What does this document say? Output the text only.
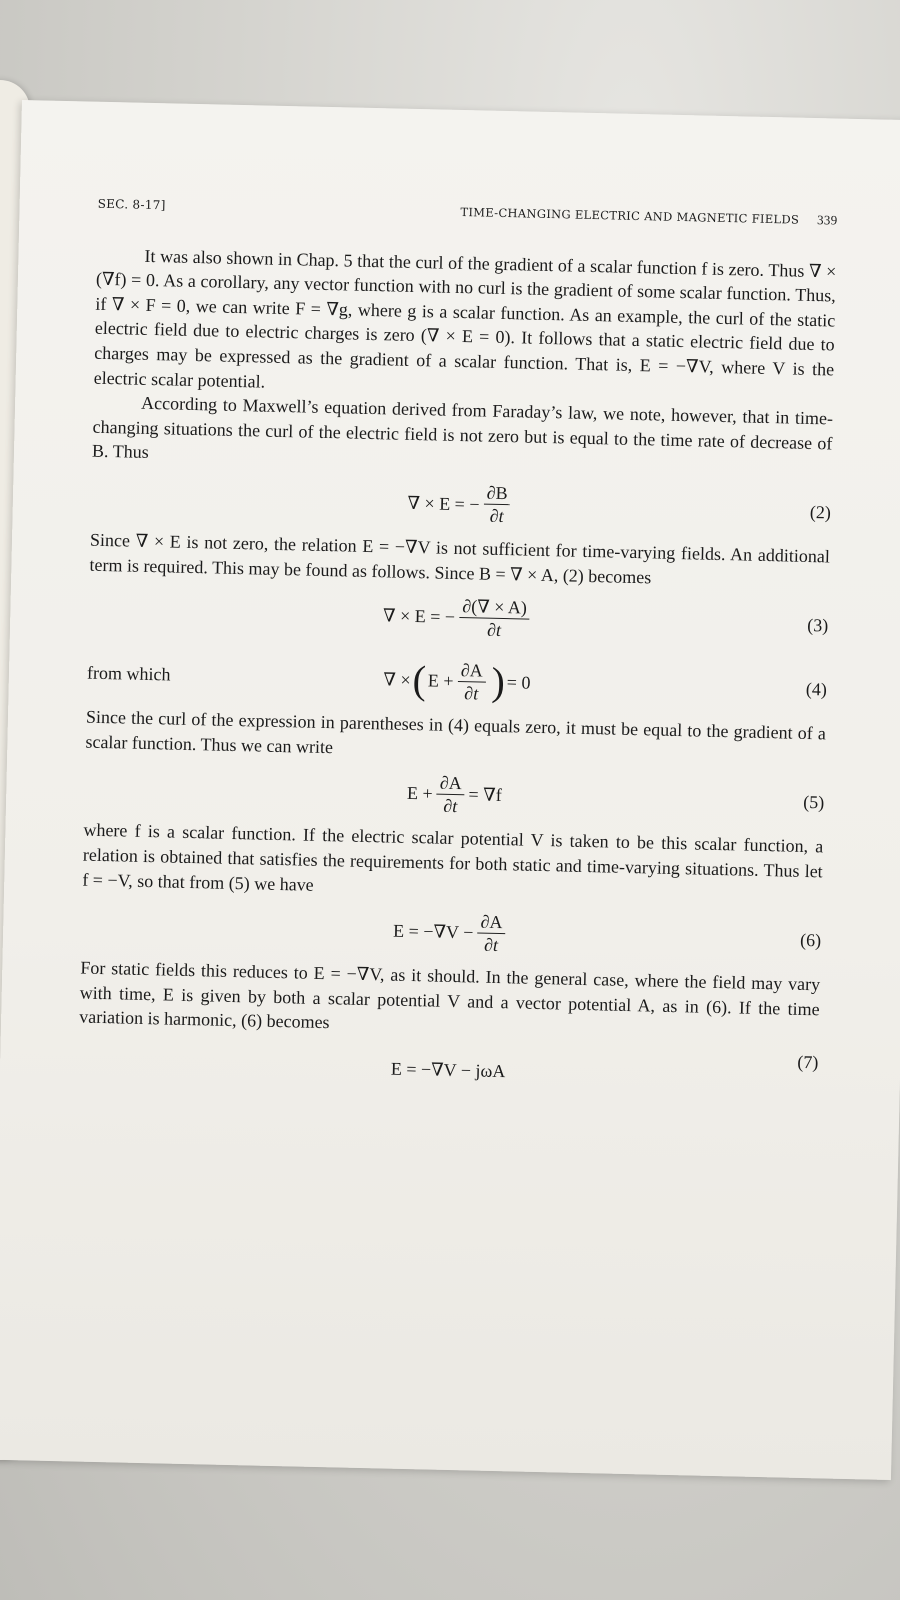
SEC. 8-17]
TIME-CHANGING ELECTRIC AND MAGNETIC FIELDS 339

It was also shown in Chap. 5 that the curl of the gradient of a scalar function f is zero. Thus ∇ × (∇f) = 0. As a corollary, any vector function with no curl is the gradient of some scalar function. Thus, if ∇ × F = 0, we can write F = ∇g, where g is a scalar function. As an example, the curl of the static electric field due to electric charges is zero (∇ × E = 0). It follows that a static electric field due to charges may be expressed as the gradient of a scalar function. That is, E = −∇V, where V is the electric scalar potential.

According to Maxwell’s equation derived from Faraday’s law, we note, however, that in time-changing situations the curl of the electric field is not zero but is equal to the time rate of decrease of B. Thus

∇ × E = − $\frac{\partial B}{\partial t}$	(2)

Since ∇ × E is not zero, the relation E = −∇V is not sufficient for time-varying fields. An additional term is required. This may be found as follows. Since B = ∇ × A, (2) becomes

∇ × E = − $\frac{\partial(\nabla \times A)}{\partial t}$	(3)
from which	∇ × ( $E + \frac{\partial A}{\partial t}$ ) = 0	(4)

Since the curl of the expression in parentheses in (4) equals zero, it must be equal to the gradient of a scalar function. Thus we can write

$E + \frac{\partial A}{\partial t} = \nabla f$	(5)

where f is a scalar function. If the electric scalar potential V is taken to be this scalar function, a relation is obtained that satisfies the requirements for both static and time-varying situations. Thus let f = −V, so that from (5) we have

$E = -\nabla V - \frac{\partial A}{\partial t}$	(6)

For static fields this reduces to E = −∇V, as it should. In the general case, where the field may vary with time, E is given by both a scalar potential V and a vector potential A, as in (6). If the time variation is harmonic, (6) becomes

E = −∇V − jωA	(7)
